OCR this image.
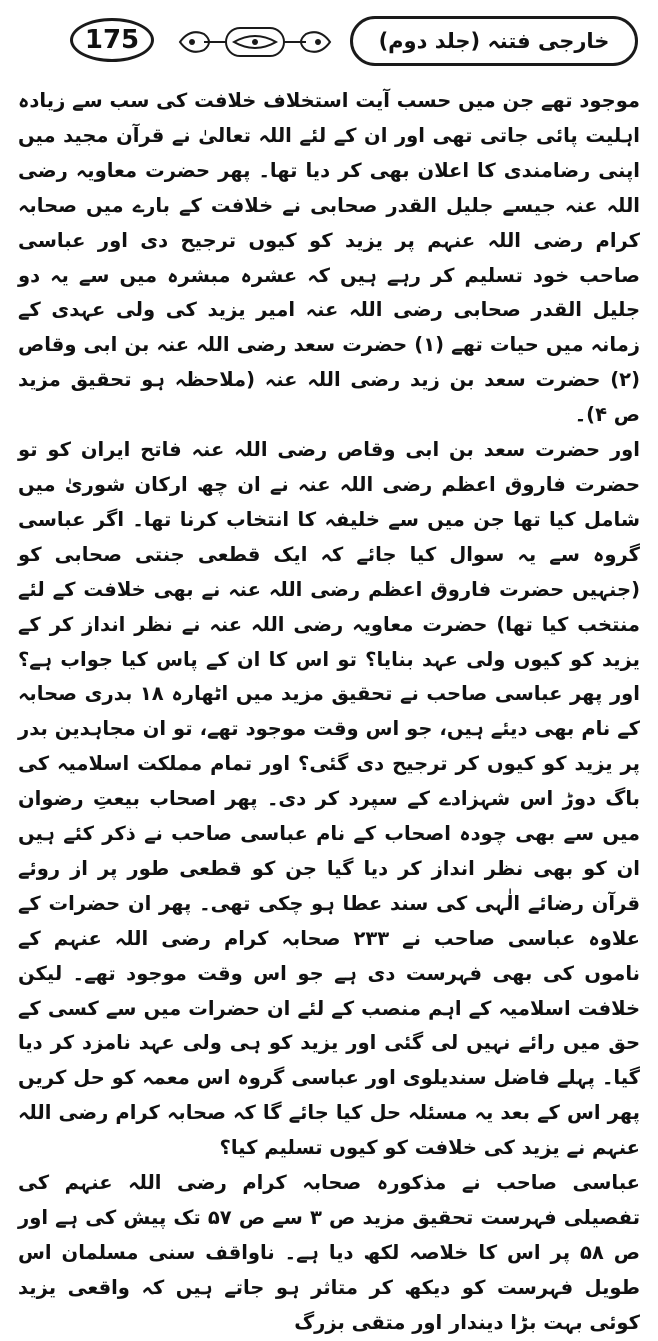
175	خارجی فتنہ (جلد دوم)

موجود تھے جن میں حسب آیت استخلاف خلافت کی سب سے زیادہ اہلیت پائی جاتی تھی اور ان کے لئے اللہ تعالیٰ نے قرآن مجید میں اپنی رضامندی کا اعلان بھی کر دیا تھا۔ پھر حضرت معاویہ رضی اللہ عنہ جیسے جلیل القدر صحابی نے خلافت کے بارے میں صحابہ کرام رضی اللہ عنہم پر یزید کو کیوں ترجیح دی اور عباسی صاحب خود تسلیم کر رہے ہیں کہ عشرہ مبشرہ میں سے یہ دو جلیل القدر صحابی رضی اللہ عنہ امیر یزید کی ولی عہدی کے زمانہ میں حیات تھے (۱) حضرت سعد رضی اللہ عنہ بن ابی وقاص (۲) حضرت سعد بن زید رضی اللہ عنہ (ملاحظہ ہو تحقیق مزید ص ۴)۔

اور حضرت سعد بن ابی وقاص رضی اللہ عنہ فاتح ایران کو تو حضرت فاروق اعظم رضی اللہ عنہ نے ان چھ ارکان شوریٰ میں شامل کیا تھا جن میں سے خلیفہ کا انتخاب کرنا تھا۔ اگر عباسی گروہ سے یہ سوال کیا جائے کہ ایک قطعی جنتی صحابی کو (جنہیں حضرت فاروق اعظم رضی اللہ عنہ نے بھی خلافت کے لئے منتخب کیا تھا) حضرت معاویہ رضی اللہ عنہ نے نظر انداز کر کے یزید کو کیوں ولی عہد بنایا؟ تو اس کا ان کے پاس کیا جواب ہے؟ اور پھر عباسی صاحب نے تحقیق مزید میں اٹھارہ ۱۸ بدری صحابہ کے نام بھی دیئے ہیں، جو اس وقت موجود تھے، تو ان مجاہدین بدر پر یزید کو کیوں کر ترجیح دی گئی؟ اور تمام مملکت اسلامیہ کی باگ دوڑ اس شہزادے کے سپرد کر دی۔ پھر اصحاب بیعتِ رضوان میں سے بھی چودہ اصحاب کے نام عباسی صاحب نے ذکر کئے ہیں ان کو بھی نظر انداز کر دیا گیا جن کو قطعی طور پر از روئے قرآن رضائے الٰہی کی سند عطا ہو چکی تھی۔ پھر ان حضرات کے علاوہ عباسی صاحب نے ۲۳۳ صحابہ کرام رضی اللہ عنہم کے ناموں کی بھی فہرست دی ہے جو اس وقت موجود تھے۔ لیکن خلافت اسلامیہ کے اہم منصب کے لئے ان حضرات میں سے کسی کے حق میں رائے نہیں لی گئی اور یزید کو ہی ولی عہد نامزد کر دیا گیا۔ پہلے فاضل سندیلوی اور عباسی گروہ اس معمہ کو حل کریں پھر اس کے بعد یہ مسئلہ حل کیا جائے گا کہ صحابہ کرام رضی اللہ عنہم نے یزید کی خلافت کو کیوں تسلیم کیا؟

عباسی صاحب نے مذکورہ صحابہ کرام رضی اللہ عنہم کی تفصیلی فہرست تحقیق مزید ص ۳ سے ص ۵۷ تک پیش کی ہے اور ص ۵۸ پر اس کا خلاصہ لکھ دیا ہے۔ ناواقف سنی مسلمان اس طویل فہرست کو دیکھ کر متاثر ہو جاتے ہیں کہ واقعی یزید کوئی بہت بڑا دیندار اور متقی بزرگ
